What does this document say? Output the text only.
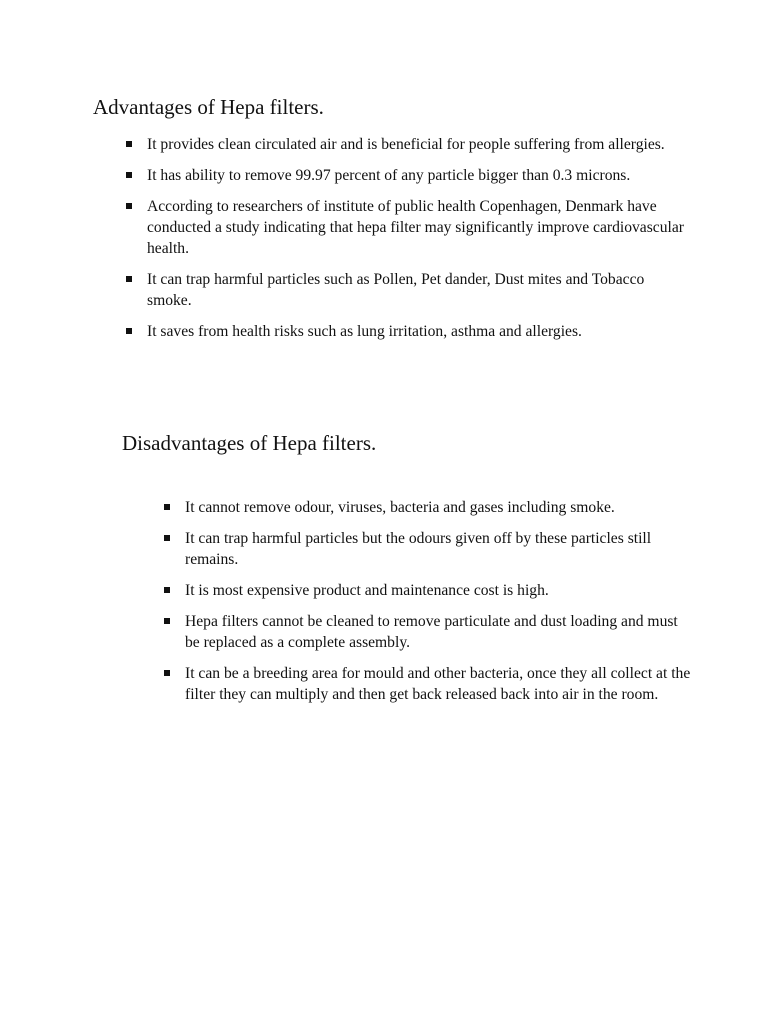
Advantages of Hepa filters.
It provides clean circulated air and is beneficial for people suffering from allergies.
It has ability to remove 99.97 percent of any particle bigger than 0.3 microns.
According to researchers of institute of public health Copenhagen, Denmark have conducted a study indicating that hepa filter may significantly improve cardiovascular health.
It can trap harmful particles such as Pollen, Pet dander, Dust mites and Tobacco smoke.
It saves from health risks such as lung irritation, asthma and allergies.
Disadvantages of Hepa filters.
It cannot remove odour, viruses, bacteria and gases including smoke.
It can trap harmful particles but the odours given off by these particles still remains.
It is most expensive product and maintenance cost is high.
Hepa filters cannot be cleaned to remove particulate and dust loading and must be replaced as a complete assembly.
It can be a breeding area for mould and other bacteria, once they all collect at the filter they can multiply and then get back released back into air in the room.
